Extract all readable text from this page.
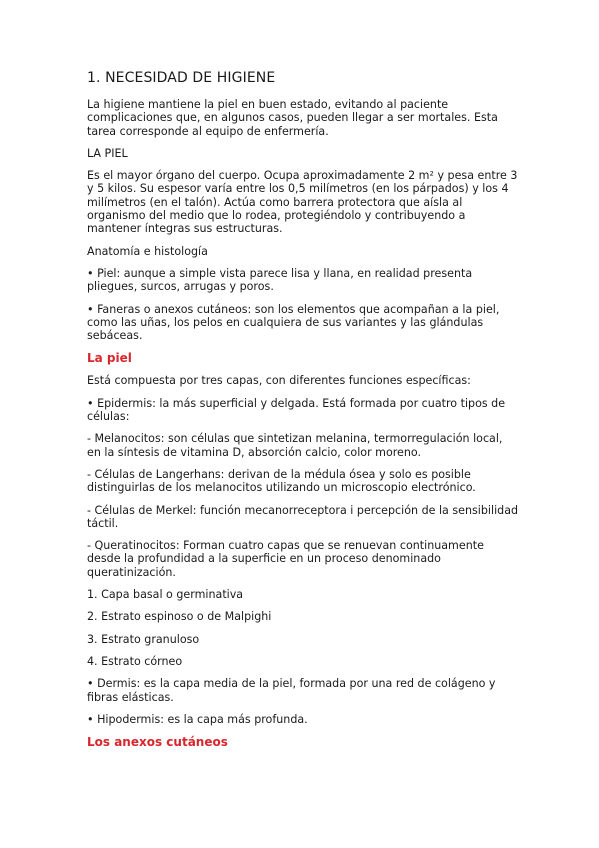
1. NECESIDAD DE HIGIENE

La higiene mantiene la piel en buen estado, evitando al paciente complicaciones que, en algunos casos, pueden llegar a ser mortales. Esta tarea corresponde al equipo de enfermería.

LA PIEL

Es el mayor órgano del cuerpo. Ocupa aproximadamente 2 m² y pesa entre 3 y 5 kilos. Su espesor varía entre los 0,5 milímetros (en los párpados) y los 4 milímetros (en el talón). Actúa como barrera protectora que aísla al organismo del medio que lo rodea, protegiéndolo y contribuyendo a mantener íntegras sus estructuras.

Anatomía e histología

• Piel: aunque a simple vista parece lisa y llana, en realidad presenta pliegues, surcos, arrugas y poros.

• Faneras o anexos cutáneos: son los elementos que acompañan a la piel, como las uñas, los pelos en cualquiera de sus variantes y las glándulas sebáceas.

La piel

Está compuesta por tres capas, con diferentes funciones específicas:

• Epidermis: la más superficial y delgada. Está formada por cuatro tipos de células:

- Melanocitos: son células que sintetizan melanina, termorregulación local, en la síntesis de vitamina D, absorción calcio, color moreno.

- Células de Langerhans: derivan de la médula ósea y solo es posible distinguirlas de los melanocitos utilizando un microscopio electrónico.

- Células de Merkel: función mecanorreceptora i percepción de la sensibilidad táctil.

- Queratinocitos: Forman cuatro capas que se renuevan continuamente desde la profundidad a la superficie en un proceso denominado queratinización.

1. Capa basal o germinativa

2. Estrato espinoso o de Malpighi

3. Estrato granuloso

4. Estrato córneo

• Dermis: es la capa media de la piel, formada por una red de colágeno y fibras elásticas.

• Hipodermis: es la capa más profunda.

Los anexos cutáneos
